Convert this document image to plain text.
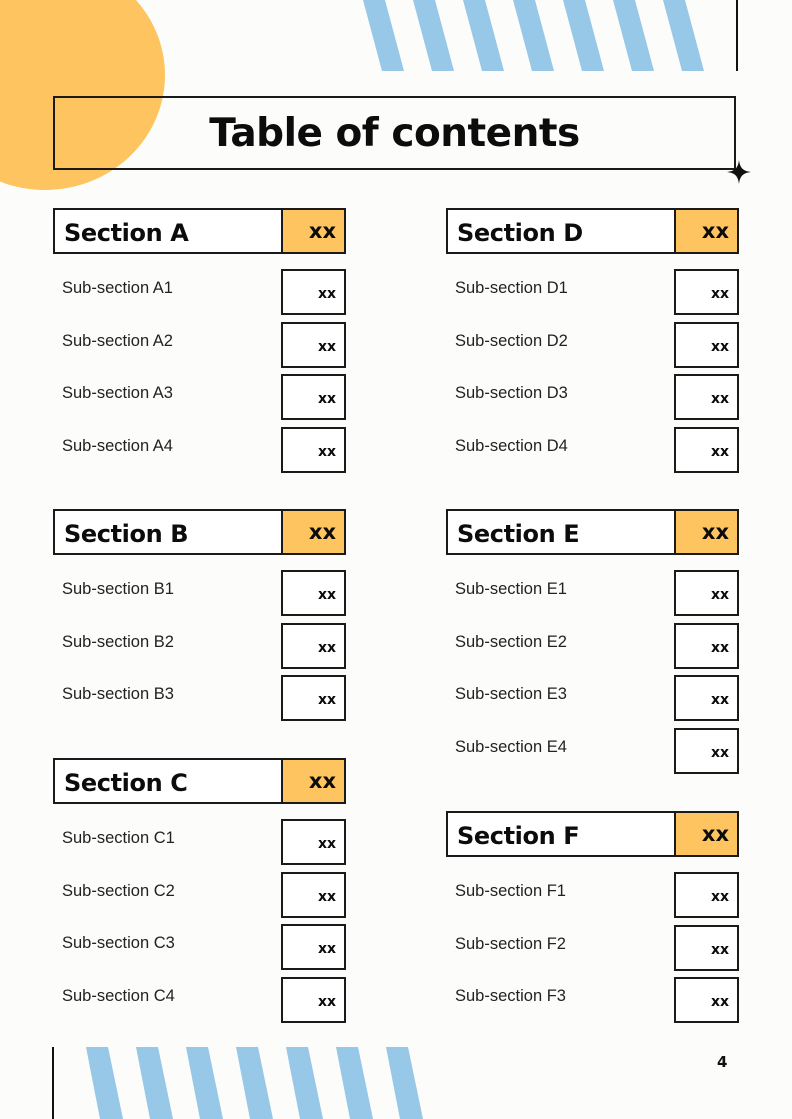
Table of contents
Section A	xx
Sub-section A1	xx
Sub-section A2	xx
Sub-section A3	xx
Sub-section A4	xx
Section B	xx
Sub-section B1	xx
Sub-section B2	xx
Sub-section B3	xx
Section C	xx
Sub-section C1	xx
Sub-section C2	xx
Sub-section C3	xx
Sub-section C4	xx
Section D	xx
Sub-section D1	xx
Sub-section D2	xx
Sub-section D3	xx
Sub-section D4	xx
Section E	xx
Sub-section E1	xx
Sub-section E2	xx
Sub-section E3	xx
Sub-section E4	xx
Section F	xx
Sub-section F1	xx
Sub-section F2	xx
Sub-section F3	xx
4
